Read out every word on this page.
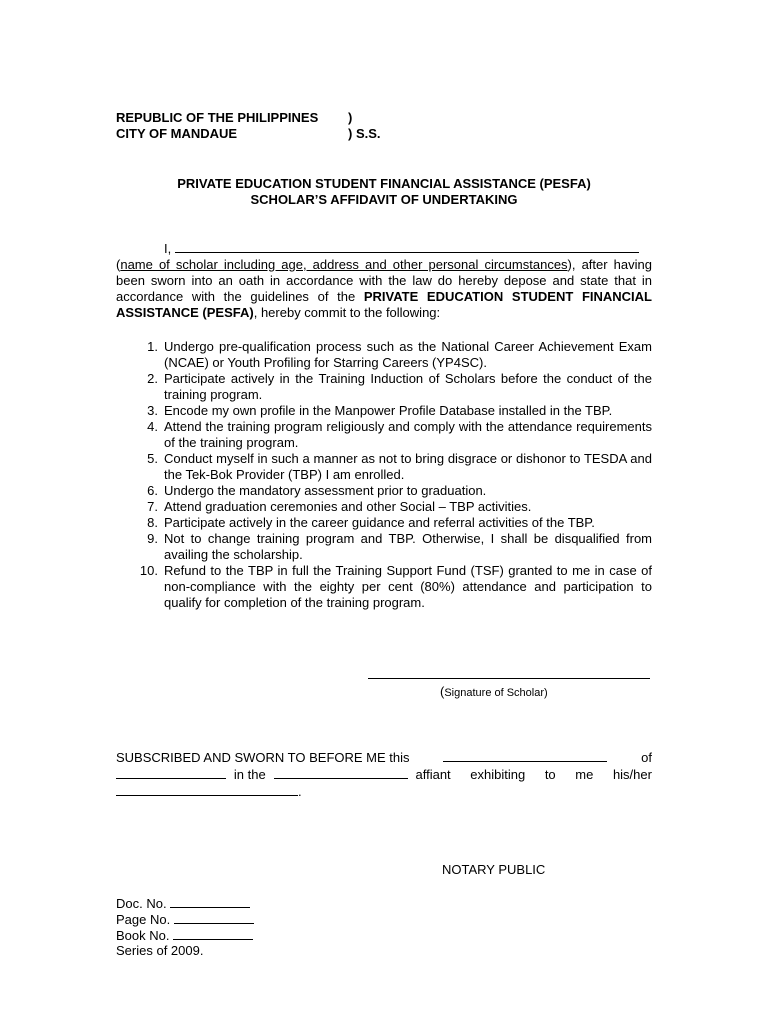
REPUBLIC OF THE PHILIPPINES )
CITY OF MANDAUE	) S.S.
PRIVATE EDUCATION STUDENT FINANCIAL ASSISTANCE (PESFA)
SCHOLAR’S AFFIDAVIT OF UNDERTAKING
I,

(name of scholar including age, address and other personal circumstances), after having been sworn into an oath in accordance with the law do hereby depose and state that in accordance with the guidelines of the PRIVATE EDUCATION STUDENT FINANCIAL ASSISTANCE (PESFA), hereby commit to the following:

1. Undergo pre-qualification process such as the National Career Achievement Exam (NCAE) or Youth Profiling for Starring Careers (YP4SC).
2. Participate actively in the Training Induction of Scholars before the conduct of the training program.
3. Encode my own profile in the Manpower Profile Database installed in the TBP.
4. Attend the training program religiously and comply with the attendance requirements of the training program.
5. Conduct myself in such a manner as not to bring disgrace or dishonor to TESDA and the Tek-Bok Provider (TBP) I am enrolled.
6. Undergo the mandatory assessment prior to graduation.
7. Attend graduation ceremonies and other Social – TBP activities.
8. Participate actively in the career guidance and referral activities of the TBP.
9. Not to change training program and TBP. Otherwise, I shall be disqualified from availing the scholarship.
10. Refund to the TBP in full the Training Support Fund (TSF) granted to me in case of non-compliance with the eighty per cent (80%) attendance and participation to qualify for completion of the training program.
(Signature of Scholar)
SUBSCRIBED AND SWORN TO BEFORE ME this	of
in the	affiant exhibiting to me his/her
.
NOTARY PUBLIC
Doc. No.
Page No.
Book No.
Series of 2009.
